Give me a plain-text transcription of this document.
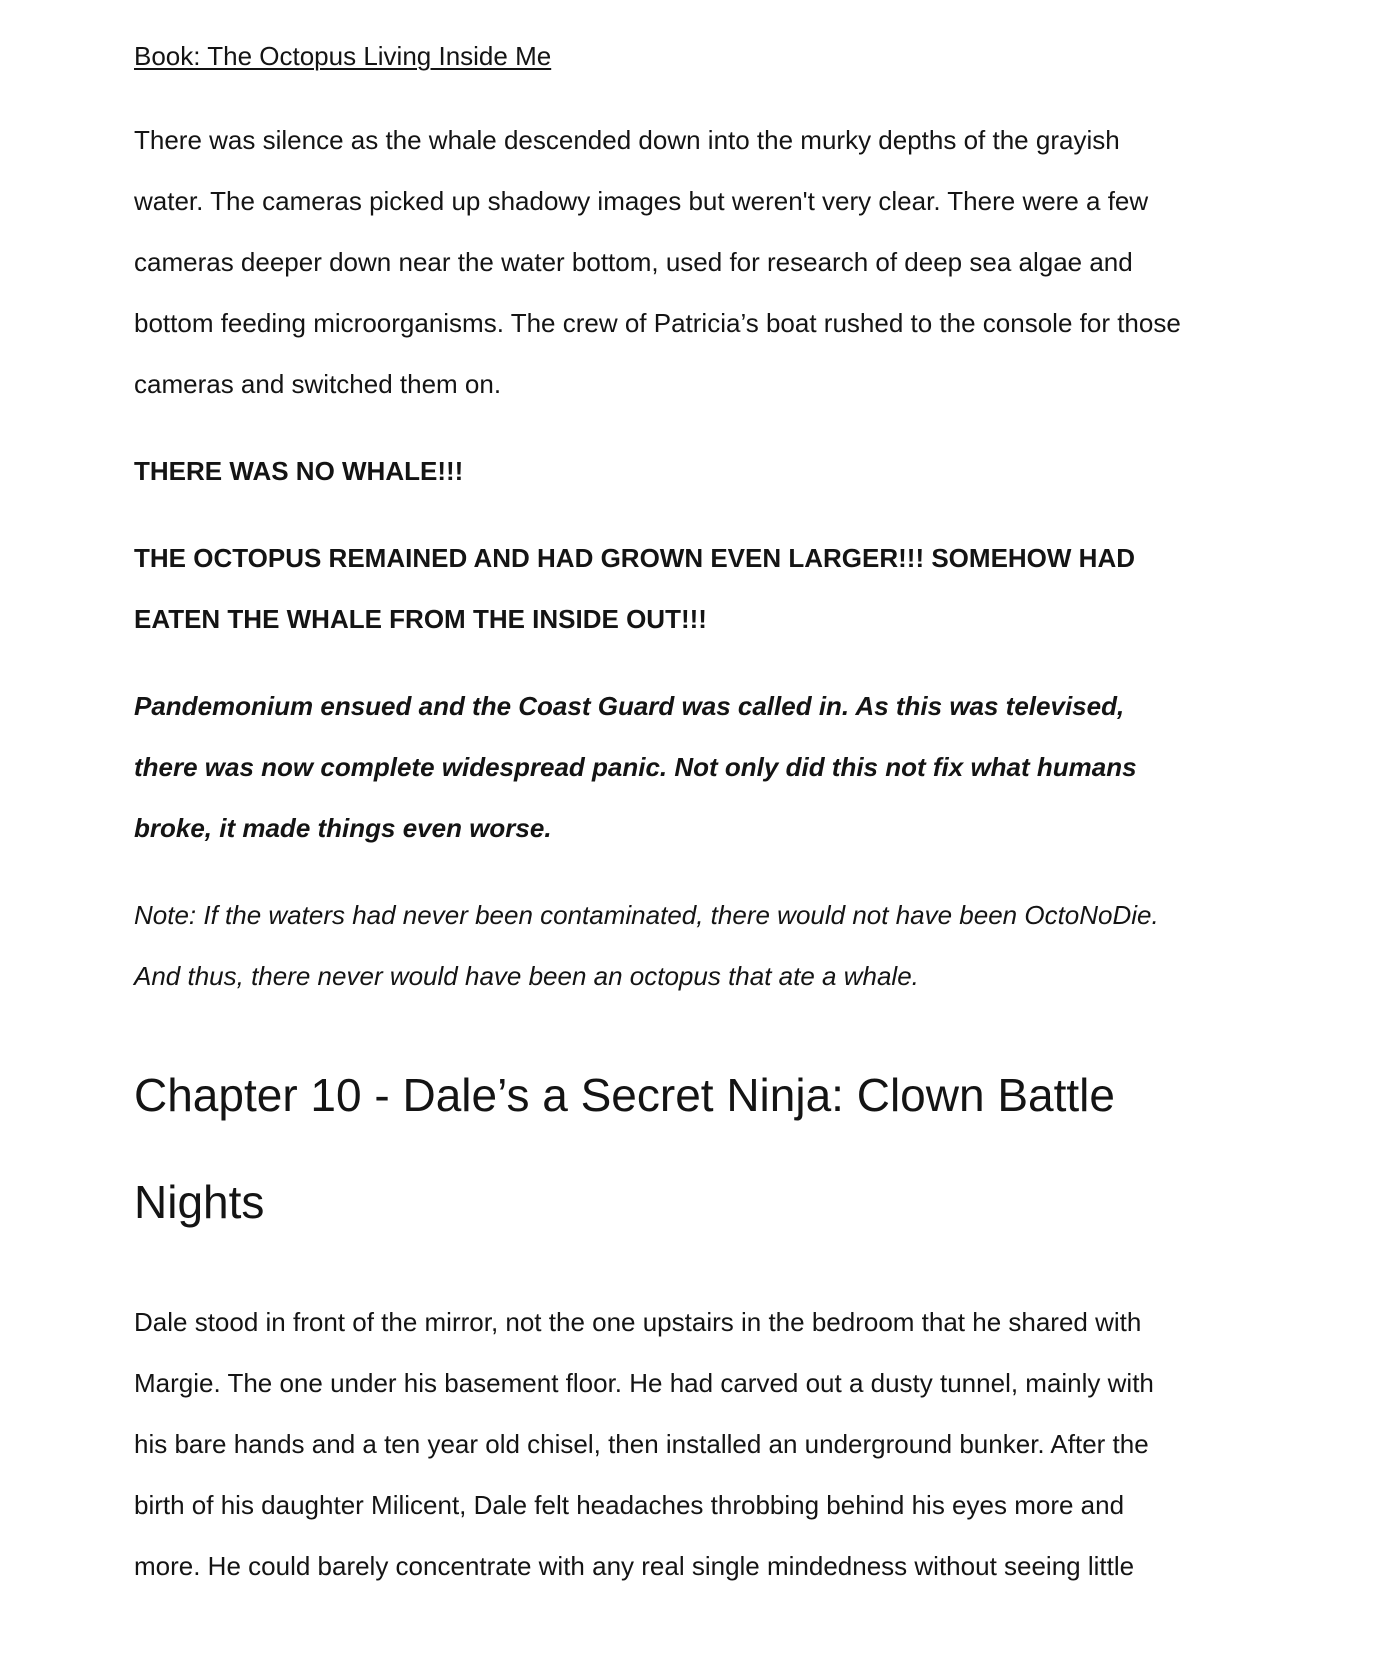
Book: The Octopus Living Inside Me

There was silence as the whale descended down into the murky depths of the grayish

water. The cameras picked up shadowy images but weren't very clear. There were a few

cameras deeper down near the water bottom, used for research of deep sea algae and

bottom feeding microorganisms. The crew of Patricia’s boat rushed to the console for those

cameras and switched them on.

THERE WAS NO WHALE!!!

THE OCTOPUS REMAINED AND HAD GROWN EVEN LARGER!!! SOMEHOW HAD

EATEN THE WHALE FROM THE INSIDE OUT!!!

Pandemonium ensued and the Coast Guard was called in. As this was televised,

there was now complete widespread panic. Not only did this not fix what humans

broke, it made things even worse.

Note: If the waters had never been contaminated, there would not have been OctoNoDie.

And thus, there never would have been an octopus that ate a whale.

Chapter 10 - Dale’s a Secret Ninja: Clown Battle
Nights

Dale stood in front of the mirror, not the one upstairs in the bedroom that he shared with

Margie. The one under his basement floor. He had carved out a dusty tunnel, mainly with

his bare hands and a ten year old chisel, then installed an underground bunker. After the

birth of his daughter Milicent, Dale felt headaches throbbing behind his eyes more and

more. He could barely concentrate with any real single mindedness without seeing little
